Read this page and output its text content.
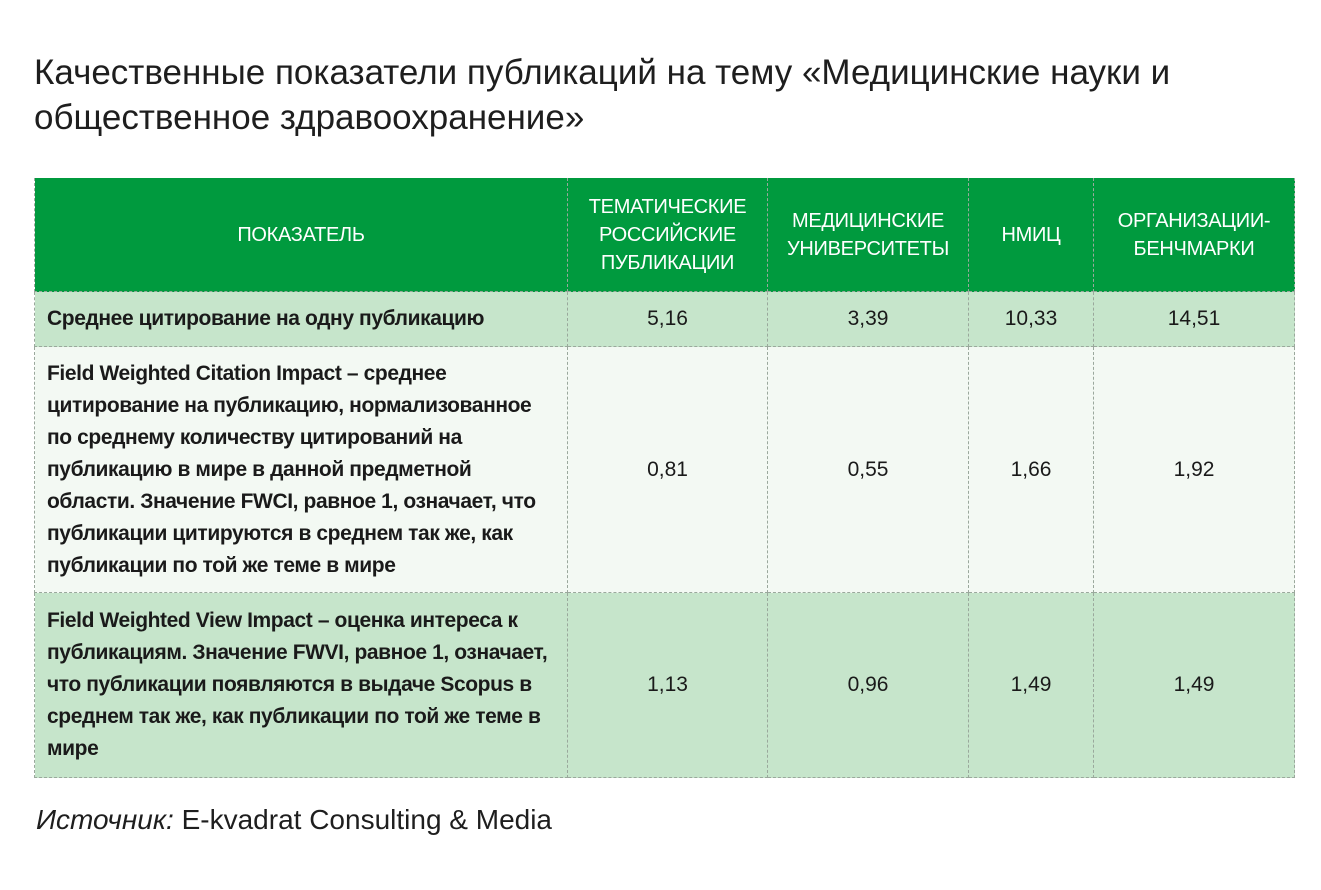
Качественные показатели публикаций на тему «Медицинские науки и общественное здравоохранение»
ПОКАЗАТЕЛЬ	ТЕМАТИЧЕСКИЕ РОССИЙСКИЕ ПУБЛИКАЦИИ	МЕДИЦИНСКИЕ УНИВЕРСИТЕТЫ	НМИЦ	ОРГАНИЗАЦИИ-БЕНЧМАРКИ
Среднее цитирование на одну публикацию	5,16	3,39	10,33	14,51
Field Weighted Citation Impact – среднее цитирование на публикацию, нормализованное по среднему количеству цитирований на публикацию в мире в данной предметной области. Значение FWCI, равное 1, означает, что публикации цитируются в среднем так же, как публикации по той же теме в мире	0,81	0,55	1,66	1,92
Field Weighted View Impact – оценка интереса к публикациям. Значение FWVI, равное 1, означает, что публикации появляются в выдаче Scopus в среднем так же, как публикации по той же теме в мире	1,13	0,96	1,49	1,49
Источник: E-kvadrat Consulting & Media
